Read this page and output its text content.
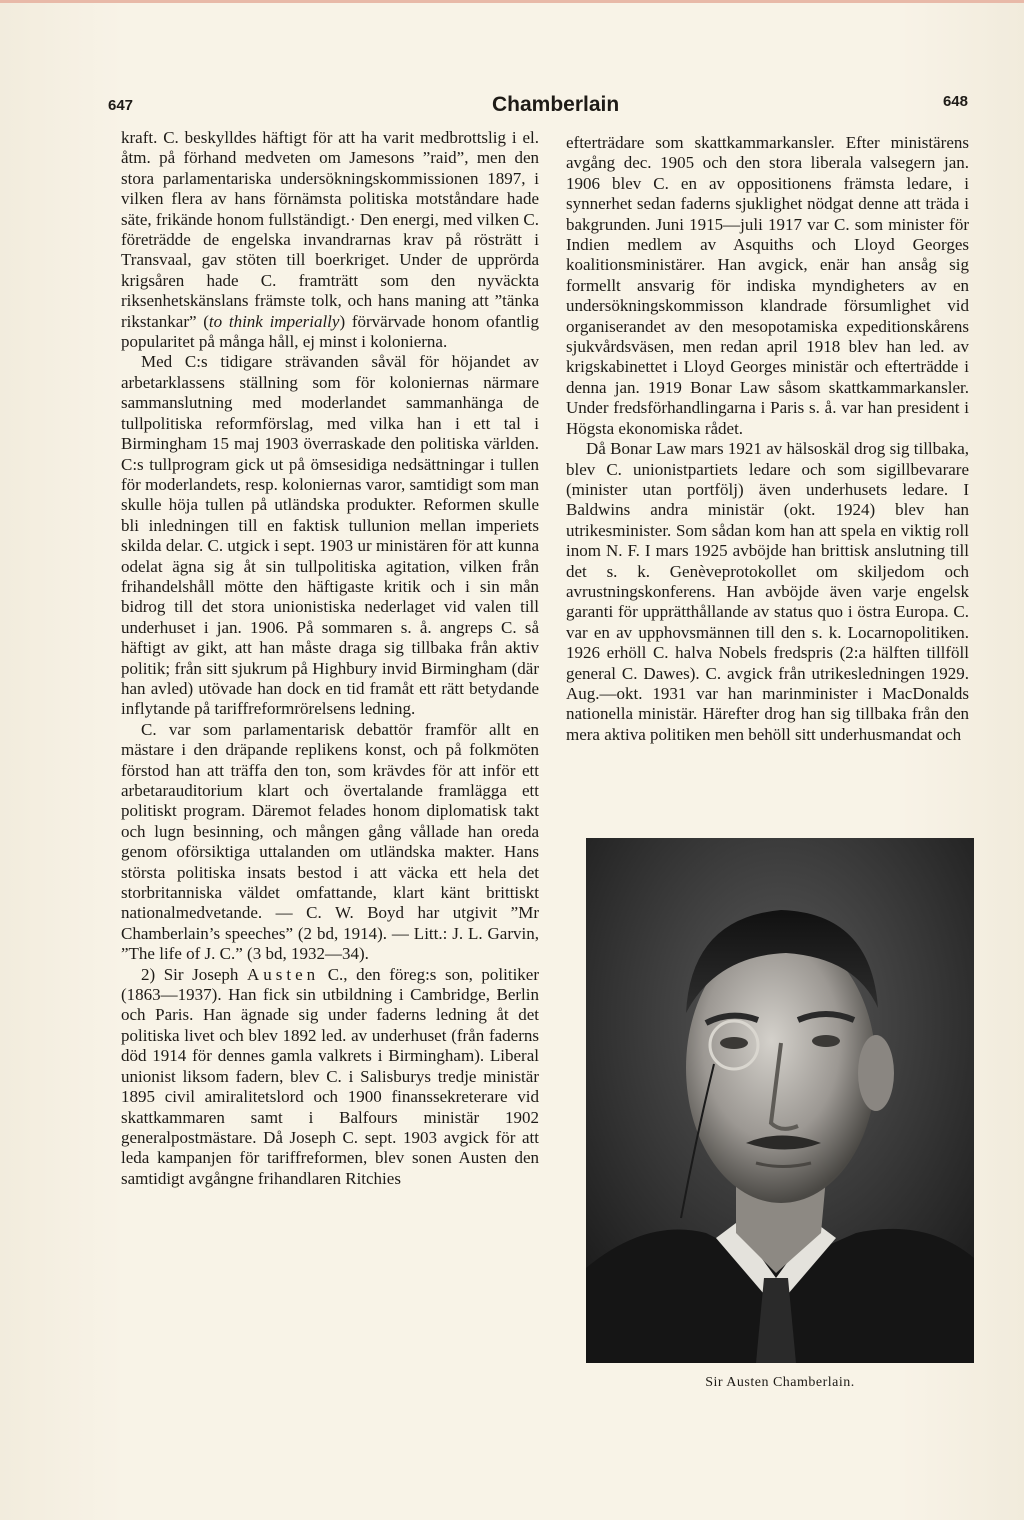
647	Chamberlain	648

kraft. C. beskylldes häftigt för att ha varit medbrottslig i el. åtm. på förhand medveten om Jamesons ”raid”, men den stora parlamentariska undersökningskommissionen 1897, i vilken flera av hans förnämsta politiska motståndare hade säte, frikände honom fullständigt.· Den energi, med vilken C. företrädde de engelska invandrarnas krav på rösträtt i Transvaal, gav stöten till boerkriget. Under de upprörda krigsåren hade C. framträtt som den nyväckta riksenhetskänslans främste tolk, och hans maning att ”tänka rikstankar” (to think imperially) förvärvade honom ofantlig popularitet på många håll, ej minst i kolonierna.

Med C:s tidigare strävanden såväl för höjandet av arbetarklassens ställning som för koloniernas närmare sammanslutning med moderlandet sammanhänga de tullpolitiska reformförslag, med vilka han i ett tal i Birmingham 15 maj 1903 överraskade den politiska världen. C:s tullprogram gick ut på ömsesidiga nedsättningar i tullen för moderlandets, resp. koloniernas varor, samtidigt som man skulle höja tullen på utländska produkter. Reformen skulle bli inledningen till en faktisk tullunion mellan imperiets skilda delar. C. utgick i sept. 1903 ur ministären för att kunna odelat ägna sig åt sin tullpolitiska agitation, vilken från frihandelshåll mötte den häftigaste kritik och i sin mån bidrog till det stora unionistiska nederlaget vid valen till underhuset i jan. 1906. På sommaren s. å. angreps C. så häftigt av gikt, att han måste draga sig tillbaka från aktiv politik; från sitt sjukrum på Highbury invid Birmingham (där han avled) utövade han dock en tid framåt ett rätt betydande inflytande på tariffreformrörelsens ledning.

C. var som parlamentarisk debattör framför allt en mästare i den dräpande replikens konst, och på folkmöten förstod han att träffa den ton, som krävdes för att inför ett arbetarauditorium klart och övertalande framlägga ett politiskt program. Däremot felades honom diplomatisk takt och lugn besinning, och mången gång vållade han oreda genom oförsiktiga uttalanden om utländska makter. Hans största politiska insats bestod i att väcka ett hela det storbritanniska väldet omfattande, klart känt brittiskt nationalmedvetande. — C. W. Boyd har utgivit ”Mr Chamberlain’s speeches” (2 bd, 1914). — Litt.: J. L. Garvin, ”The life of J. C.” (3 bd, 1932—34).

2) Sir Joseph Austen C., den föreg:s son, politiker (1863—1937). Han fick sin utbildning i Cambridge, Berlin och Paris. Han ägnade sig under faderns ledning åt det politiska livet och blev 1892 led. av underhuset (från faderns död 1914 för dennes gamla valkrets i Birmingham). Liberal unionist liksom fadern, blev C. i Salisburys tredje ministär 1895 civil amiralitetslord och 1900 finanssekreterare vid skattkammaren samt i Balfours ministär 1902 generalpostmästare. Då Joseph C. sept. 1903 avgick för att leda kampanjen för tariffreformen, blev sonen Austen den samtidigt avgångne frihandlaren Ritchies

efterträdare som skattkammarkansler. Efter ministärens avgång dec. 1905 och den stora liberala valsegern jan. 1906 blev C. en av oppositionens främsta ledare, i synnerhet sedan faderns sjuklighet nödgat denne att träda i bakgrunden. Juni 1915—juli 1917 var C. som minister för Indien medlem av Asquiths och Lloyd Georges koalitionsministärer. Han avgick, enär han ansåg sig formellt ansvarig för indiska myndigheters av en undersökningskommisson klandrade försumlighet vid organiserandet av den mesopotamiska expeditionskårens sjukvårdsväsen, men redan april 1918 blev han led. av krigskabinettet i Lloyd Georges ministär och efterträdde i denna jan. 1919 Bonar Law såsom skattkammarkansler. Under fredsförhandlingarna i Paris s. å. var han president i Högsta ekonomiska rådet.

Då Bonar Law mars 1921 av hälsoskäl drog sig tillbaka, blev C. unionistpartiets ledare och som sigillbevarare (minister utan portfölj) även underhusets ledare. I Baldwins andra ministär (okt. 1924) blev han utrikesminister. Som sådan kom han att spela en viktig roll inom N. F. I mars 1925 avböjde han brittisk anslutning till det s. k. Genèveprotokollet om skiljedom och avrustningskonferens. Han avböjde även varje engelsk garanti för upprätthållande av status quo i östra Europa. C. var en av upphovsmännen till den s. k. Locarnopolitiken. 1926 erhöll C. halva Nobels fredspris (2:a hälften tillföll general C. Dawes). C. avgick från utrikesledningen 1929. Aug.—okt. 1931 var han marinminister i MacDonalds nationella ministär. Härefter drog han sig tillbaka från den mera aktiva politiken men behöll sitt underhusmandat och

Sir Austen Chamberlain.
